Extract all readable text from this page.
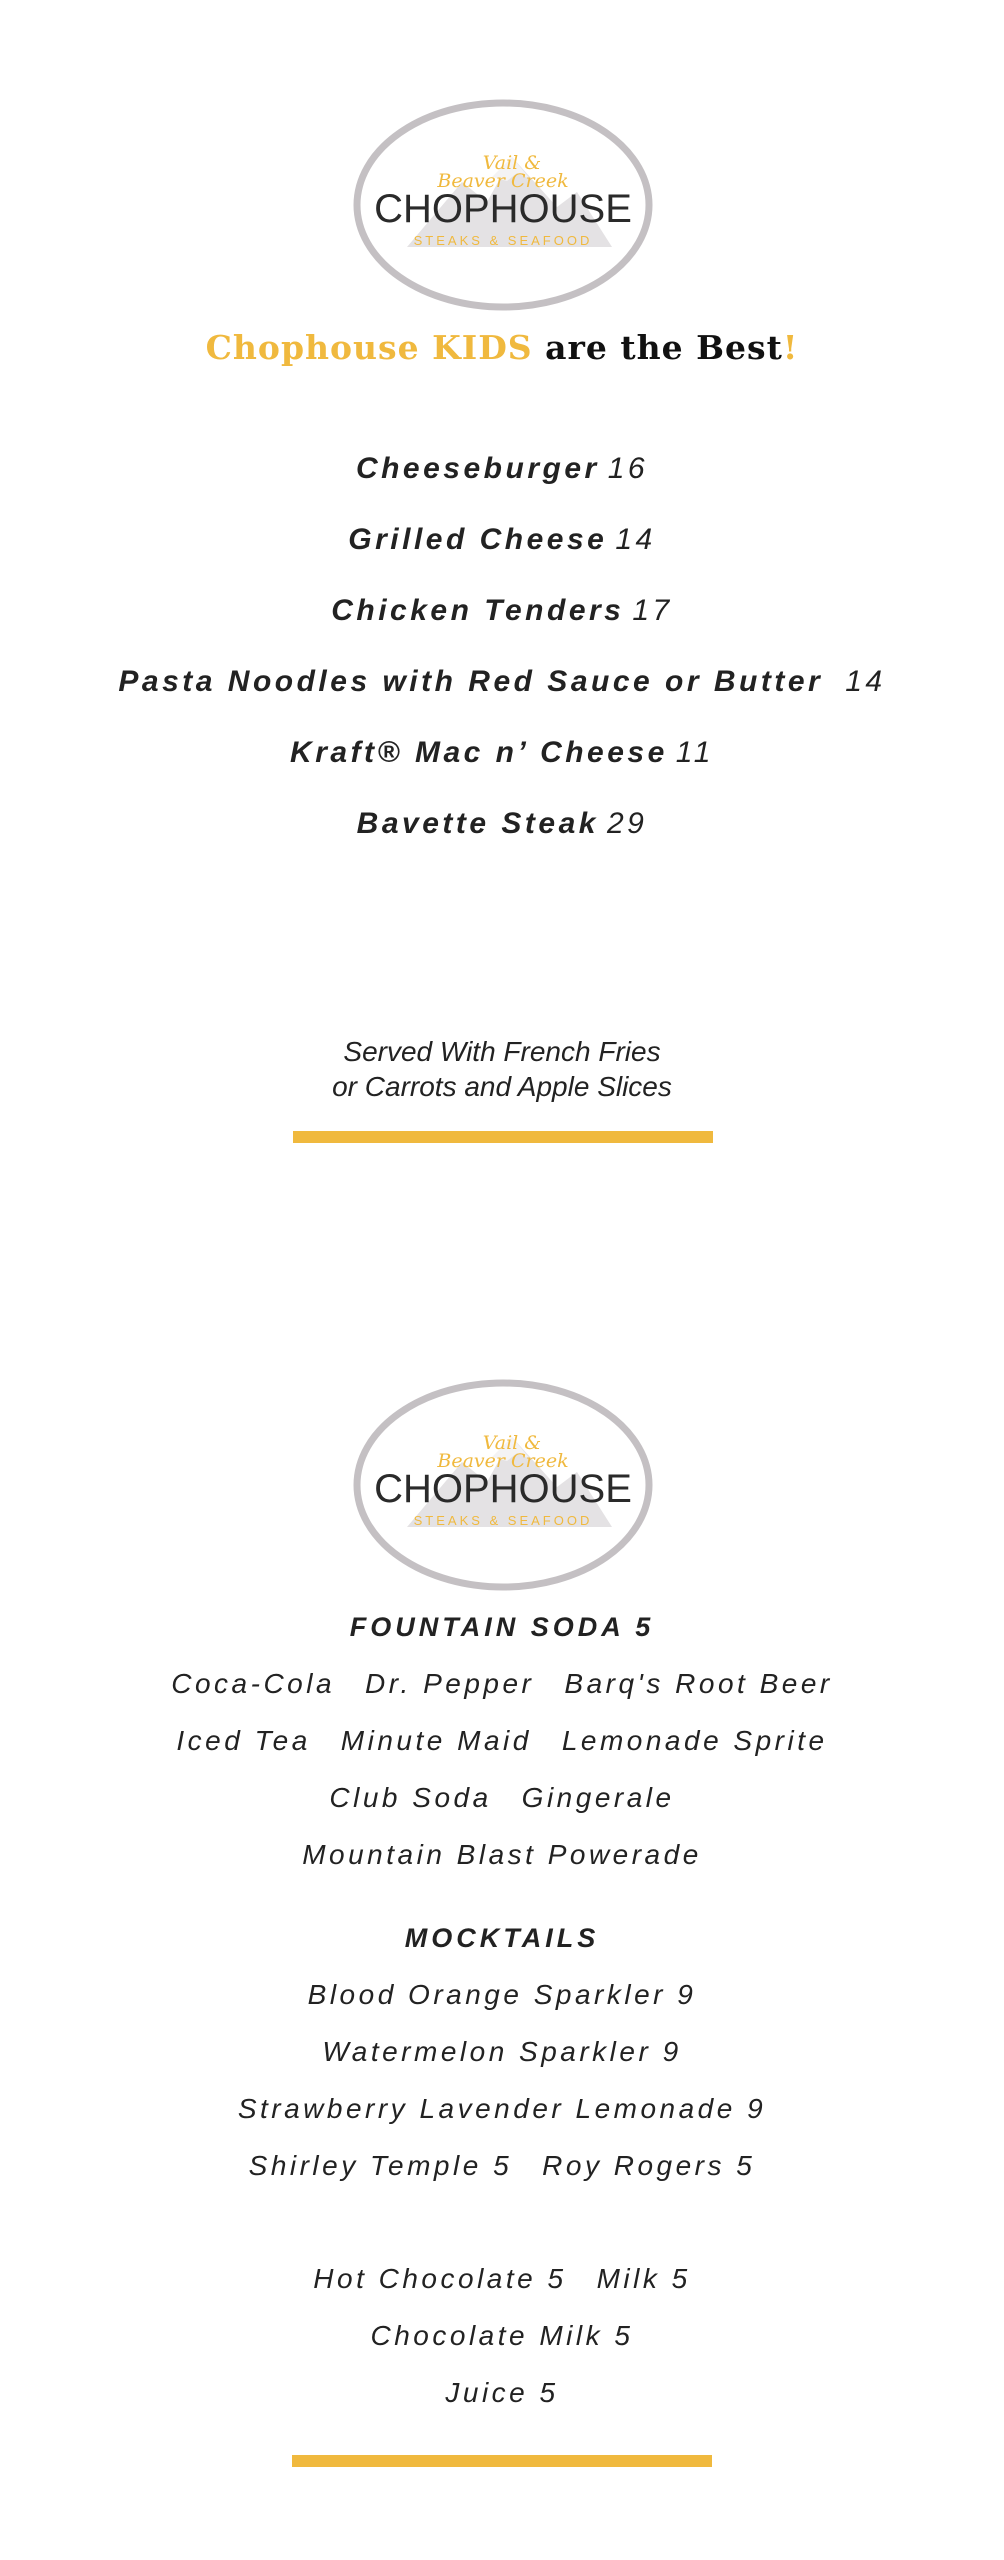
Vail &
Beaver Creek
CHOPHOUSE
STEAKS & SEAFOOD
Chophouse KIDS are the Best!
Cheeseburger 16
Grilled Cheese 14
Chicken Tenders 17
Pasta Noodles with Red Sauce or Butter 14
Kraft® Mac n’ Cheese 11
Bavette Steak 29
Served With French Fries
or Carrots and Apple Slices
Vail &
Beaver Creek
CHOPHOUSE
STEAKS & SEAFOOD
FOUNTAIN SODA 5
Coca-Cola Dr. Pepper Barq's Root Beer
Iced Tea Minute Maid Lemonade Sprite
Club Soda Gingerale
Mountain Blast Powerade
MOCKTAILS
Blood Orange Sparkler 9
Watermelon Sparkler 9
Strawberry Lavender Lemonade 9
Shirley Temple 5 Roy Rogers 5
Hot Chocolate 5 Milk 5
Chocolate Milk 5
Juice 5
